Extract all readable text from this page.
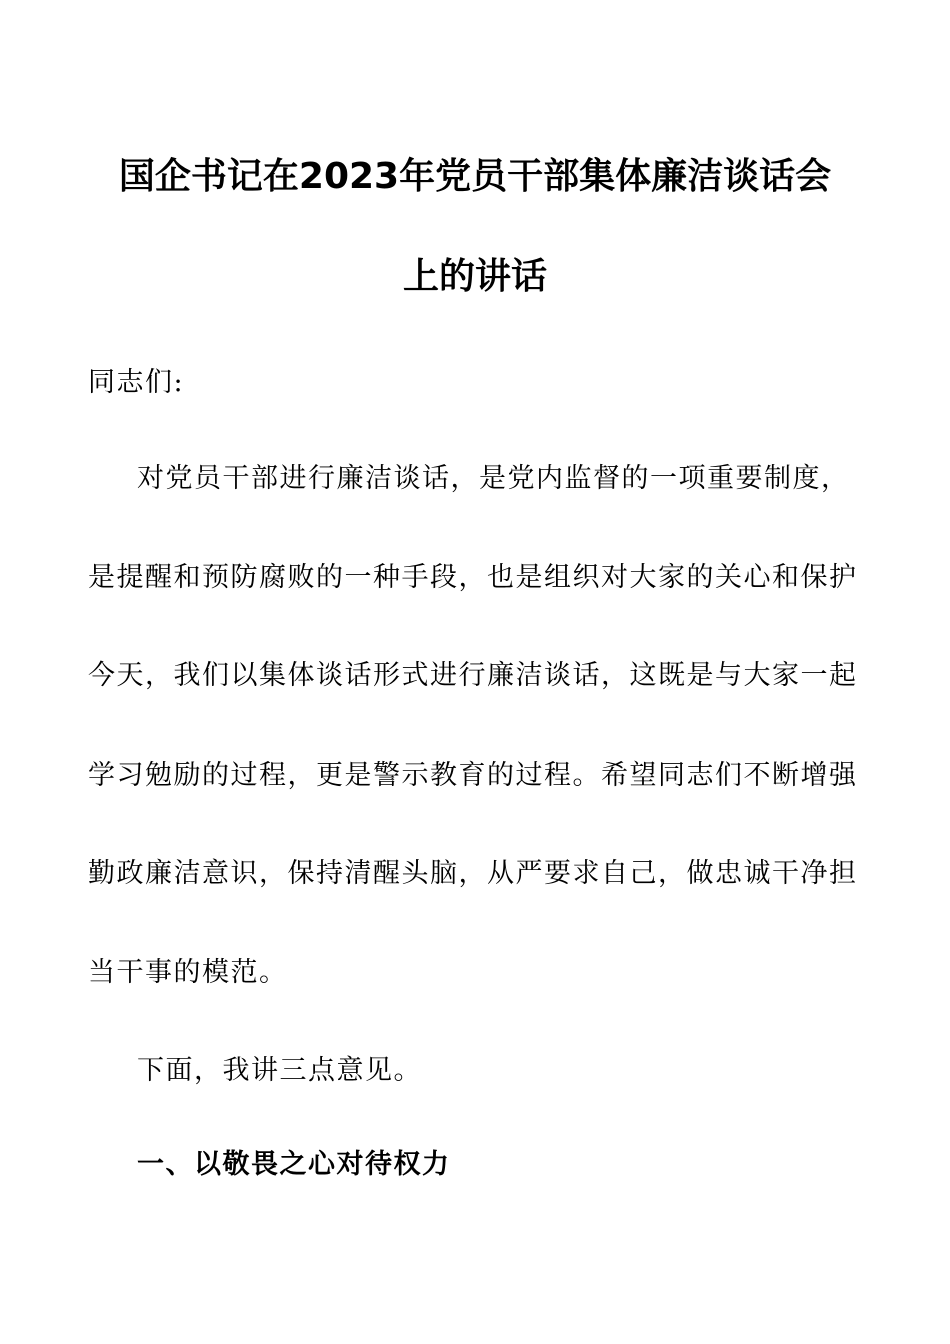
国企书记在2023年党员干部集体廉洁谈话会
上的讲话
同志们:
对党员干部进行廉洁谈话，是党内监督的一项重要制度，
是提醒和预防腐败的一种手段，也是组织对大家的关心和保护
今天，我们以集体谈话形式进行廉洁谈话，这既是与大家一起
学习勉励的过程，更是警示教育的过程。希望同志们不断增强
勤政廉洁意识，保持清醒头脑，从严要求自己，做忠诚干净担
当干事的模范。
下面，我讲三点意见。
一、以敬畏之心对待权力
